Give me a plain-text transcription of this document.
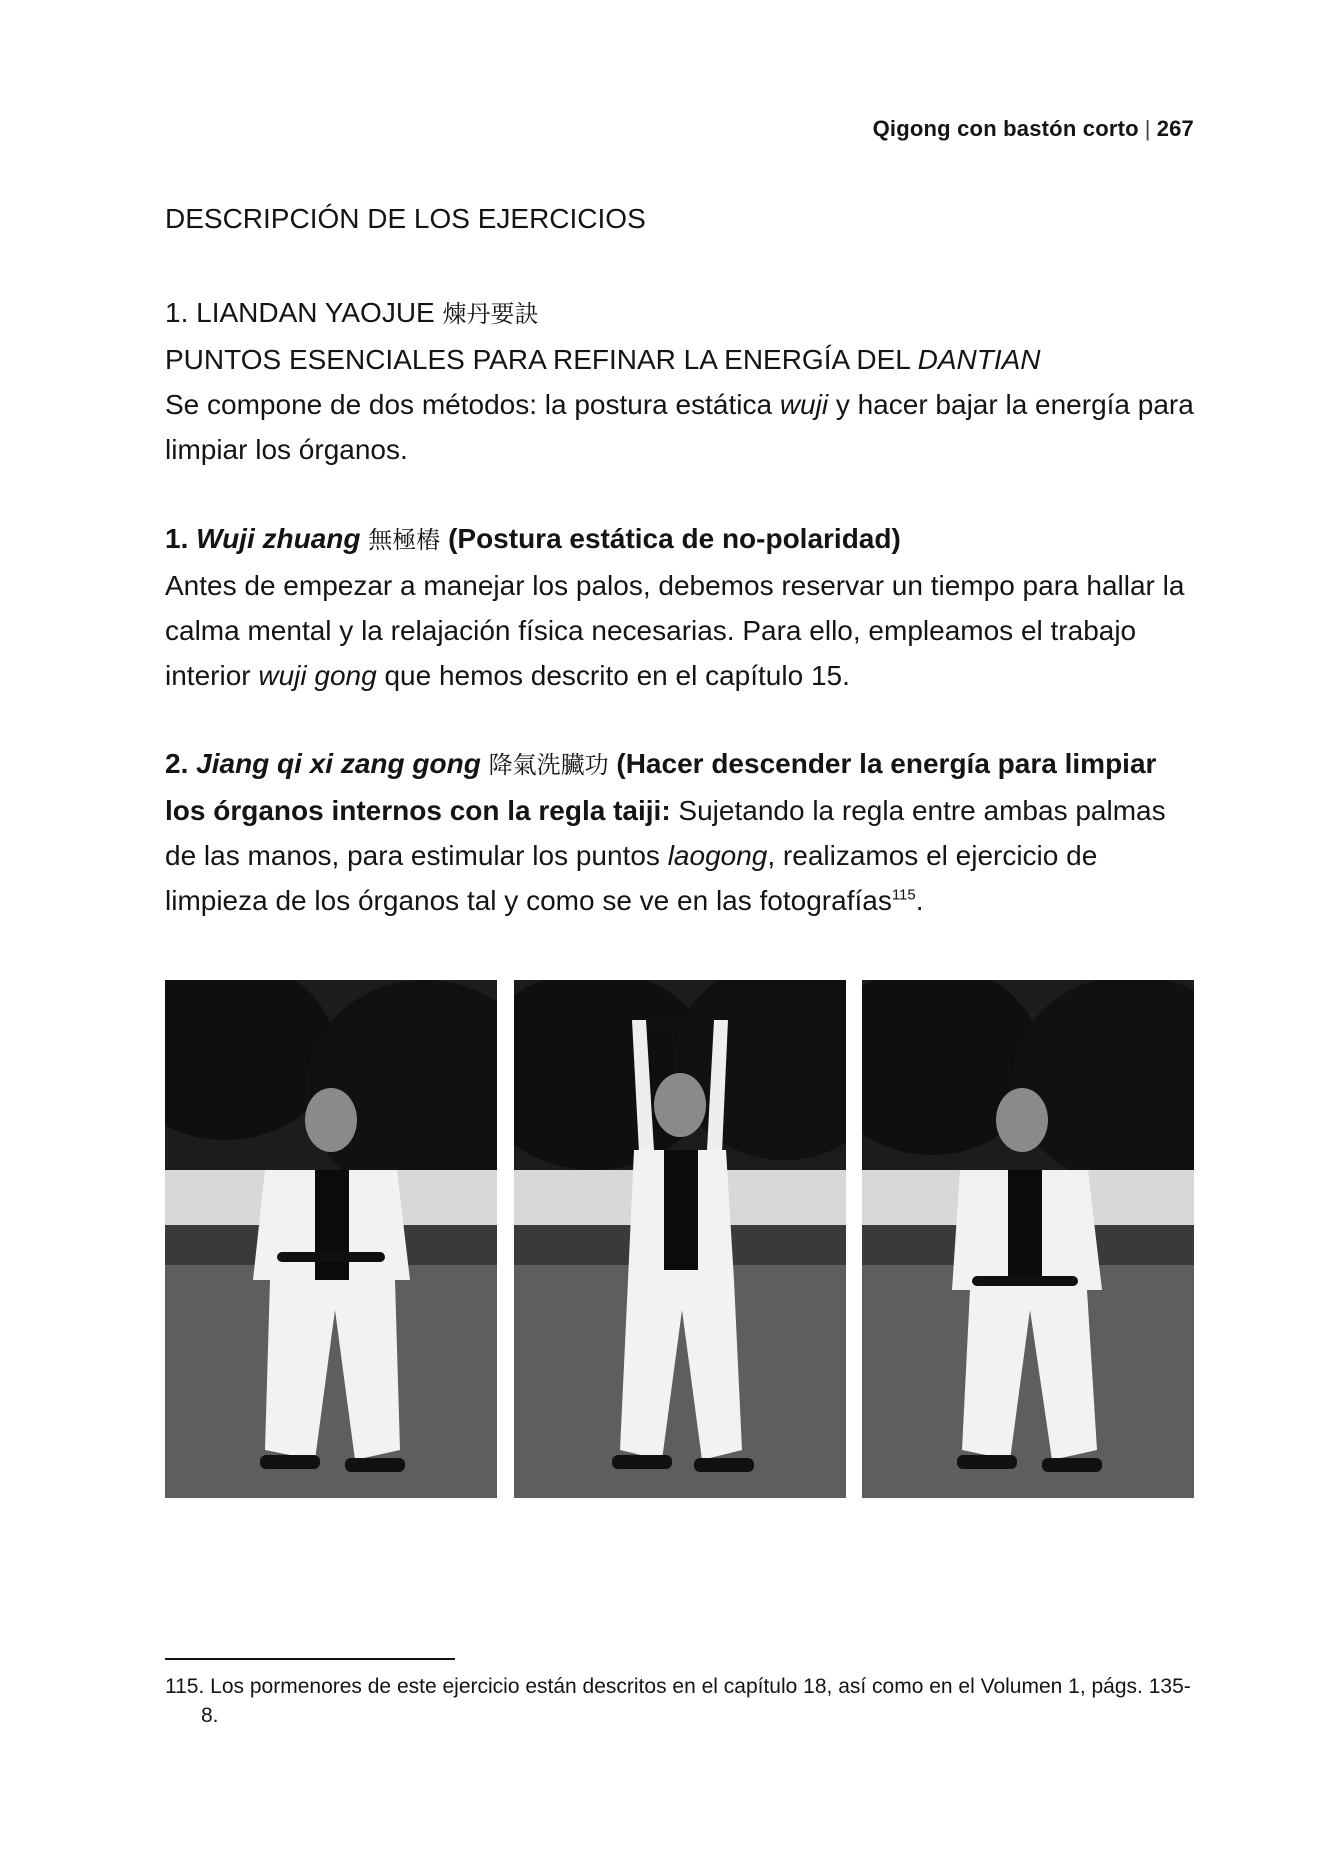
Qigong con bastón corto | 267
DESCRIPCIÓN DE LOS EJERCICIOS

1. LIANDAN YAOJUE 煉丹要訣

PUNTOS ESENCIALES PARA REFINAR LA ENERGÍA DEL DANTIAN

Se compone de dos métodos: la postura estática wuji y hacer bajar la energía para limpiar los órganos.

1. Wuji zhuang 無極樁 (Postura estática de no-polaridad)

Antes de empezar a manejar los palos, debemos reservar un tiempo para hallar la calma mental y la relajación física necesarias. Para ello, empleamos el trabajo interior wuji gong que hemos descrito en el capítulo 15.

2. Jiang qi xi zang gong 降氣洗臟功 (Hacer descender la energía para limpiar los órganos internos con la regla taiji: Sujetando la regla entre ambas palmas de las manos, para estimular los puntos laogong, realizamos el ejercicio de limpieza de los órganos tal y como se ve en las fotografías$^{115}$.

115. Los pormenores de este ejercicio están descritos en el capítulo 18, así como en el Volumen 1, págs. 135-8.
